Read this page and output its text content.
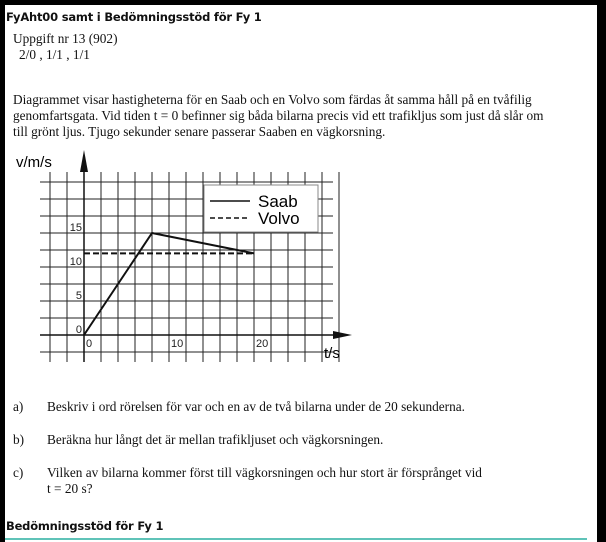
FyAht00 samt i Bedömningsstöd för Fy 1
Uppgift nr 13 (902)
2/0 , 1/1 , 1/1
Diagrammet visar hastigheterna för en Saab och en Volvo som färdas åt samma håll på en tvåfilig
genomfartsgata. Vid tiden t = 0 befinner sig båda bilarna precis vid ett trafikljus som just då slår om
till grönt ljus. Tjugo sekunder senare passerar Saaben en vägkorsning.
a) Beskriv i ord rörelsen för var och en av de två bilarna under de 20 sekunderna.
b) Beräkna hur långt det är mellan trafikljuset och vägkorsningen.
c) Vilken av bilarna kommer först till vägkorsningen och hur stort är försprånget vid
t = 20 s?
Bedömningsstöd för Fy 1
Saab
Volvo
0
5
10
15
0	10	20
v/m/s
t/s
